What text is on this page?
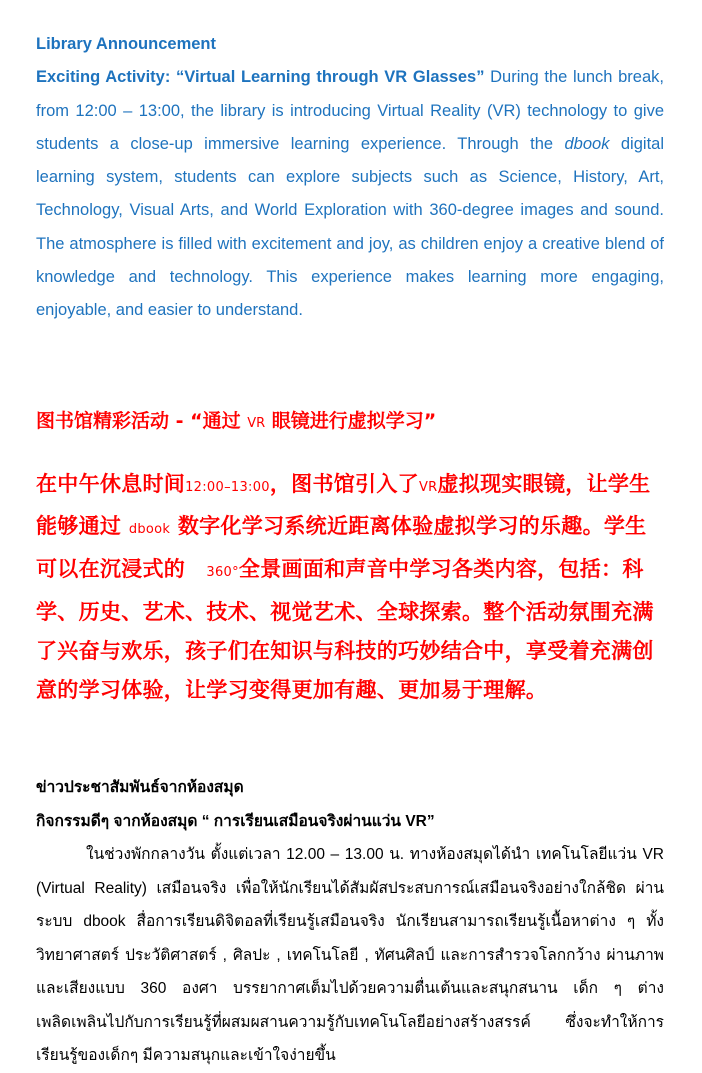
Library Announcement

Exciting Activity: “Virtual Learning through VR Glasses” During the lunch break, from 12:00 – 13:00, the library is introducing Virtual Reality (VR) technology to give students a close-up immersive learning experience. Through the dbook digital learning system, students can explore subjects such as Science, History, Art, Technology, Visual Arts, and World Exploration with 360-degree images and sound. The atmosphere is filled with excitement and joy, as children enjoy a creative blend of knowledge and technology. This experience makes learning more engaging, enjoyable, and easier to understand.

图书馆精彩活动 - “通过 VR 眼镜进行虚拟学习”

在中午休息时间12:00–13:00，图书馆引入了VR虚拟现实眼镜，让学生能够通过 dbook 数字化学习系统近距离体验虚拟学习的乐趣。学生可以在沉浸式的　360°全景画面和声音中学习各类内容，包括：科学、历史、艺术、技术、视觉艺术、全球探索。整个活动氛围充满了兴奋与欢乐，孩子们在知识与科技的巧妙结合中，享受着充满创意的学习体验，让学习变得更加有趣、更加易于理解。

ข่าวประชาสัมพันธ์จากห้องสมุด

กิจกรรมดีๆ จากห้องสมุด “ การเรียนเสมือนจริงผ่านแว่น VR”

ในช่วงพักกลางวัน ตั้งแต่เวลา 12.00 – 13.00 น. ทางห้องสมุดได้นำ เทคโนโลยีแว่น VR (Virtual Reality) เสมือนจริง เพื่อให้นักเรียนได้สัมผัสประสบการณ์เสมือนจริงอย่างใกล้ชิด ผ่านระบบ dbook สื่อการเรียนดิจิตอลที่เรียนรู้เสมือนจริง นักเรียนสามารถเรียนรู้เนื้อหาต่าง ๆ ทั้งวิทยาศาสตร์ ประวัติศาสตร์ , ศิลปะ , เทคโนโลยี , ทัศนศิลป์ และการสำรวจโลกกว้าง ผ่านภาพและเสียงแบบ 360 องศา บรรยากาศเต็มไปด้วยความตื่นเต้นและสนุกสนาน เด็ก ๆ ต่างเพลิดเพลินไปกับการเรียนรู้ที่ผสมผสานความรู้กับเทคโนโลยีอย่างสร้างสรรค์ ซึ่งจะทำให้การเรียนรู้ของเด็กๆ มีความสนุกและเข้าใจง่ายขึ้น
